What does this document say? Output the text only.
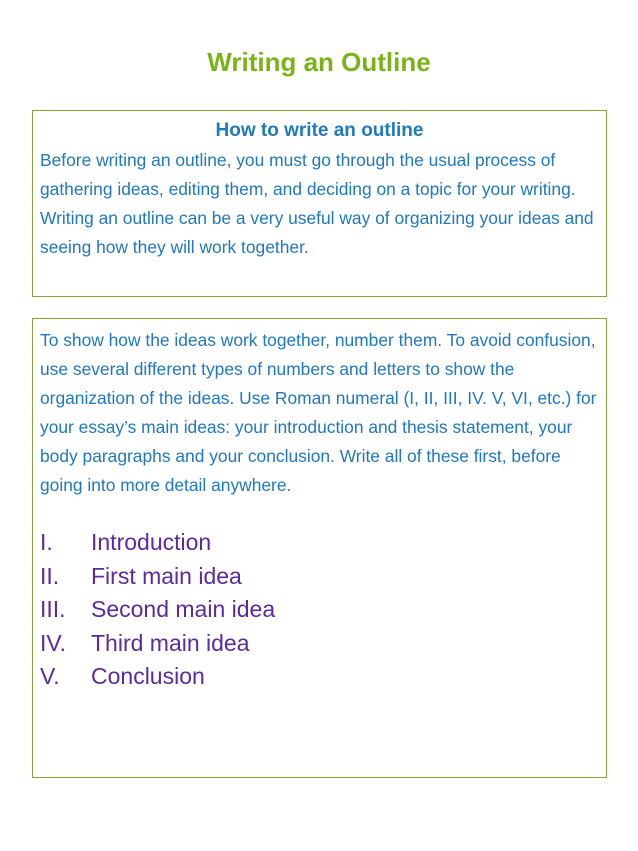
Writing an Outline
How to write an outline

Before writing an outline, you must go through the usual process of gathering ideas, editing them, and deciding on a topic for your writing. Writing an outline can be a very useful way of organizing your ideas and seeing how they will work together.

To show how the ideas work together, number them. To avoid confusion, use several different types of numbers and letters to show the organization of the ideas. Use Roman numeral (I, II, III, IV. V, VI, etc.) for your essay’s main ideas: your introduction and thesis statement, your body paragraphs and your conclusion. Write all of these first, before going into more detail anywhere.

I.	Introduction
II.	First main idea
III.	Second main idea
IV.	Third main idea
V.	Conclusion
